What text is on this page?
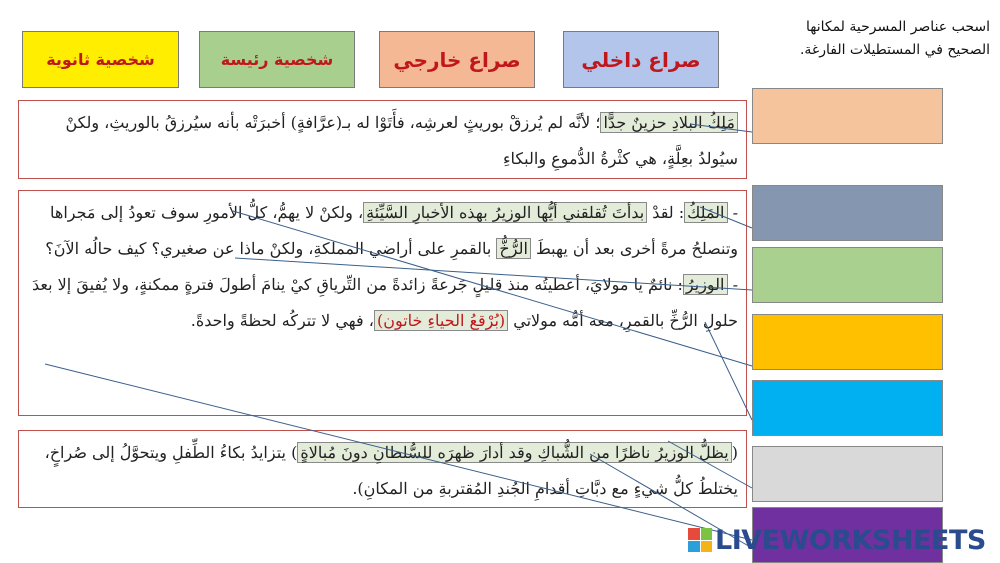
شخصية ثانوية	شخصية رئيسة	صراع خارجي	صراع داخلي
اسحب عناصر المسرحية لمكانها
الصحيح في المستطيلات الفارغة.
مَلِكُ البلادِ حزينٌ جدًّا؛ لأنَّه لم يُرزقْ بوريثٍ لعرشِه، فأَتَوْا له بـ(عرَّافةٍ) أخبرَتْه بأنه سيُرزقُ بالوريثِ، ولكنْ سيُولدُ بعِلَّةٍ، هي كثْرةُ الدُّموعِ والبكاءِ
- المَلِكُ: لقدْ بدأتَ تُقلقني أيُّها الوزيرُ بهذه الأخبارِ السَّيِّئةِ، ولكنْ لا يهمُّ، كلُّ الأمورِ سوف تعودُ إلى مَجراها وتنصلحُ مرةً أخرى بعد أن يهبطَ الرُّخُّ بالقمرِ على أراضي المملكةِ، ولكنْ ماذا عن صغيري؟ كيف حالُه الآنَ؟
- الوزيرُ: نائمٌ يا مولايَ، أعطيتُه منذ قليلٍ جَرعةً زائدةً من التِّرياقِ كيْ ينامَ أطولَ فترةٍ ممكنةٍ، ولا يُفيقَ إلا بعدَ حلولِ الرُّخِّ بالقمرِ، معه أمُّه مولاتي (بُرْقعُ الحياءِ خاتون)، فهي لا تتركُه لحظةً واحدةً.
(يظلُّ الوزيرُ ناظرًا من الشُّباكِ وقد أدارَ ظهرَه للسُّلطانِ دونَ مُبالاةٍ) يتزايدُ بكاءُ الطِّفلِ ويتحوَّلُ إلى صُراخٍ، يختلطُ كلُّ شيءٍ مع دبَّاتِ أقدامِ الجُندِ المُقتربةِ من المكانِ).
LIVEWORKSHEETS
